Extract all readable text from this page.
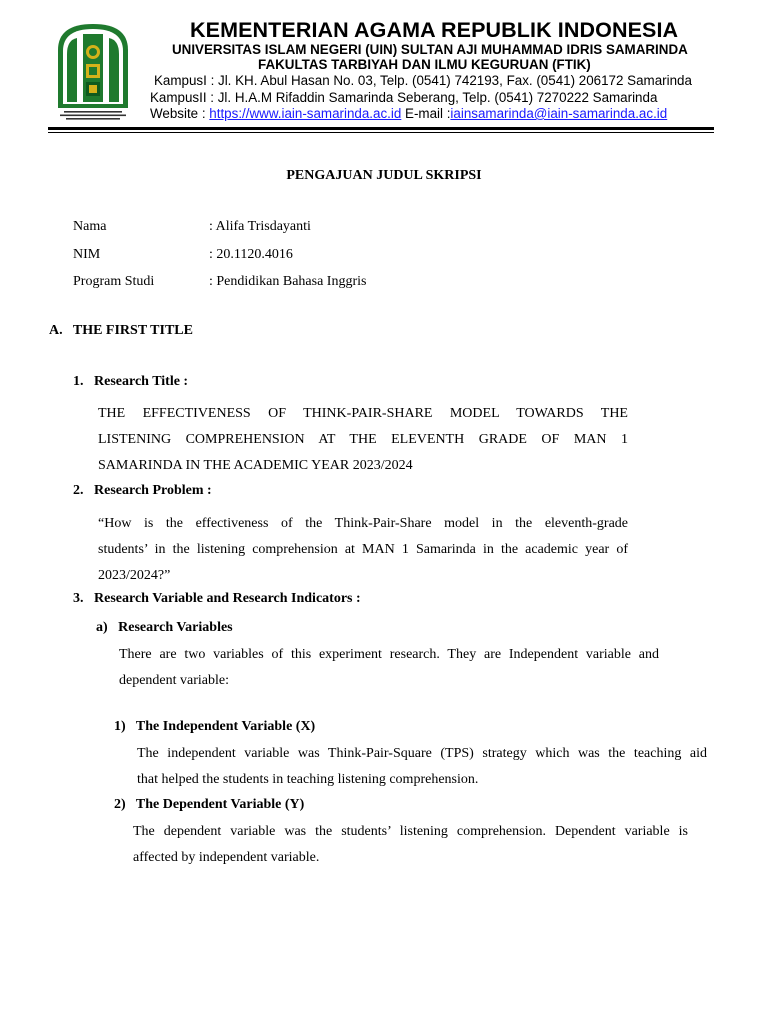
KEMENTERIAN AGAMA REPUBLIK INDONESIA
UNIVERSITAS ISLAM NEGERI (UIN) SULTAN AJI MUHAMMAD IDRIS SAMARINDA
FAKULTAS TARBIYAH DAN ILMU KEGURUAN (FTIK)
KampusI : Jl. KH. Abul Hasan No. 03, Telp. (0541) 742193, Fax. (0541) 206172 Samarinda
KampusII : Jl. H.A.M Rifaddin Samarinda Seberang, Telp. (0541) 7270222 Samarinda
Website : https://www.iain-samarinda.ac.id E-mail :iainsamarinda@iain-samarinda.ac.id
PENGAJUAN JUDUL SKRIPSI
Nama	: Alifa Trisdayanti
NIM	: 20.1120.4016
Program Studi	: Pendidikan Bahasa Inggris
A.   THE FIRST TITLE
1.   Research Title :
THE EFFECTIVENESS OF THINK-PAIR-SHARE MODEL TOWARDS THE
LISTENING COMPREHENSION AT THE ELEVENTH GRADE OF MAN 1
SAMARINDA IN THE ACADEMIC YEAR 2023/2024
2.   Research Problem :
“How is the effectiveness of the Think-Pair-Share model in the eleventh-grade
students’ in the listening comprehension at MAN 1 Samarinda in the academic year of
2023/2024?”
3.   Research Variable and Research Indicators :
a)   Research Variables
There are two variables of this experiment research. They are Independent variable and
dependent variable:
1)   The Independent Variable (X)
The independent variable was Think-Pair-Square (TPS) strategy which was the teaching aid
that helped the students in teaching listening comprehension.
2)   The Dependent Variable (Y)
The dependent variable was the students’ listening comprehension. Dependent variable is
affected by independent variable.
